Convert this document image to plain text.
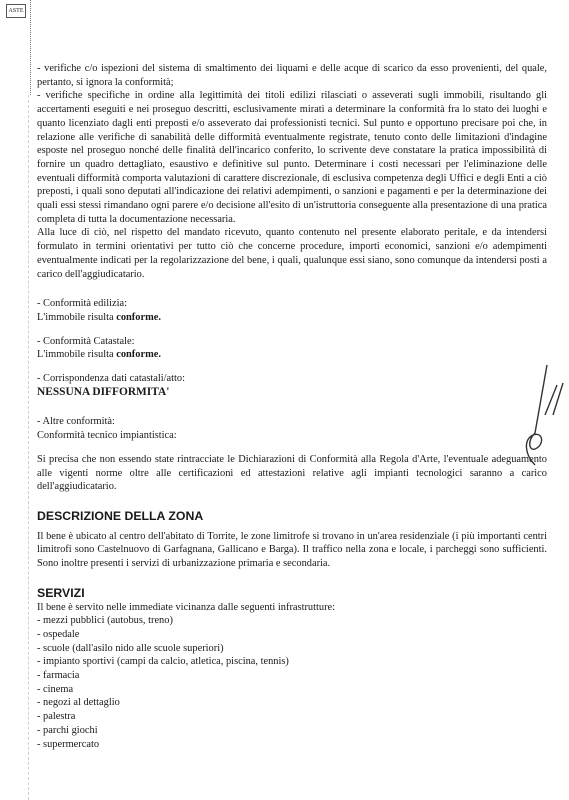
ASTE

- verifiche c/o ispezioni del sistema di smaltimento dei liquami e delle acque di scarico da esso provenienti, del quale, pertanto, si ignora la conformità;

- verifiche specifiche in ordine alla legittimità dei titoli edilizi rilasciati o asseverati sugli immobili, risultando gli accertamenti eseguiti e nei proseguo descritti, esclusivamente mirati a determinare la conformità fra lo stato dei luoghi e quanto licenziato dagli enti preposti e/o asseverato dai professionisti tecnici. Sul punto e opportuno precisare poi che, in relazione alle verifiche di sanabilità delle difformità eventualmente registrate, tenuto conto delle limitazioni d'indagine esposte nel proseguo nonché delle finalità dell'incarico conferito, lo scrivente deve constatare la pratica impossibilità di fornire un quadro dettagliato, esaustivo e definitive sul punto. Determinare i costi necessari per l'eliminazione delle eventuali difformità comporta valutazioni di carattere discrezionale, di esclusiva competenza degli Uffici e degli Enti a ciò preposti, i quali sono deputati all'indicazione dei relativi adempimenti, o sanzioni e pagamenti e per la determinazione dei quali essi stessi rimandano ogni parere e/o decisione all'esito di un'istruttoria conseguente alla presentazione di una pratica completa di tutta la documentazione necessaria.

Alla luce di ciò, nel rispetto del mandato ricevuto, quanto contenuto nel presente elaborato peritale, e da intendersi formulato in termini orientativi per tutto ciò che concerne procedure, importi economici, sanzioni e/o adempimenti eventualmente indicati per la regolarizzazione del bene, i quali, qualunque essi siano, sono comunque da intendersi posti a carico dell'aggiudicatario.

- Conformità edilizia:

L'immobile risulta conforme.

- Conformità Catastale:

L'immobile risulta conforme.

- Corrispondenza dati catastali/atto:

NESSUNA DIFFORMITA'

- Altre conformità:

Conformità tecnico impiantistica:

Si precisa che non essendo state rintracciate le Dichiarazioni di Conformità alla Regola d'Arte, l'eventuale adeguamento alle vigenti norme oltre alle certificazioni ed attestazioni relative agli impianti tecnologici saranno a carico dell'aggiudicatario.

DESCRIZIONE DELLA ZONA

Il bene è ubicato al centro dell'abitato di Torrite, le zone limitrofe si trovano in un'area residenziale (i più importanti centri limitrofi sono Castelnuovo di Garfagnana, Gallicano e Barga). Il traffico nella zona e locale, i parcheggi sono sufficienti. Sono inoltre presenti i servizi di urbanizzazione primaria e secondaria.

SERVIZI

Il bene è servito nelle immediate vicinanza dalle seguenti infrastrutture:

- mezzi pubblici (autobus, treno)
- ospedale
- scuole (dall'asilo nido alle scuole superiori)
- impianto sportivi (campi da calcio, atletica, piscina, tennis)
- farmacia
- cinema
- negozi al dettaglio
- palestra
- parchi giochi
- supermercato
